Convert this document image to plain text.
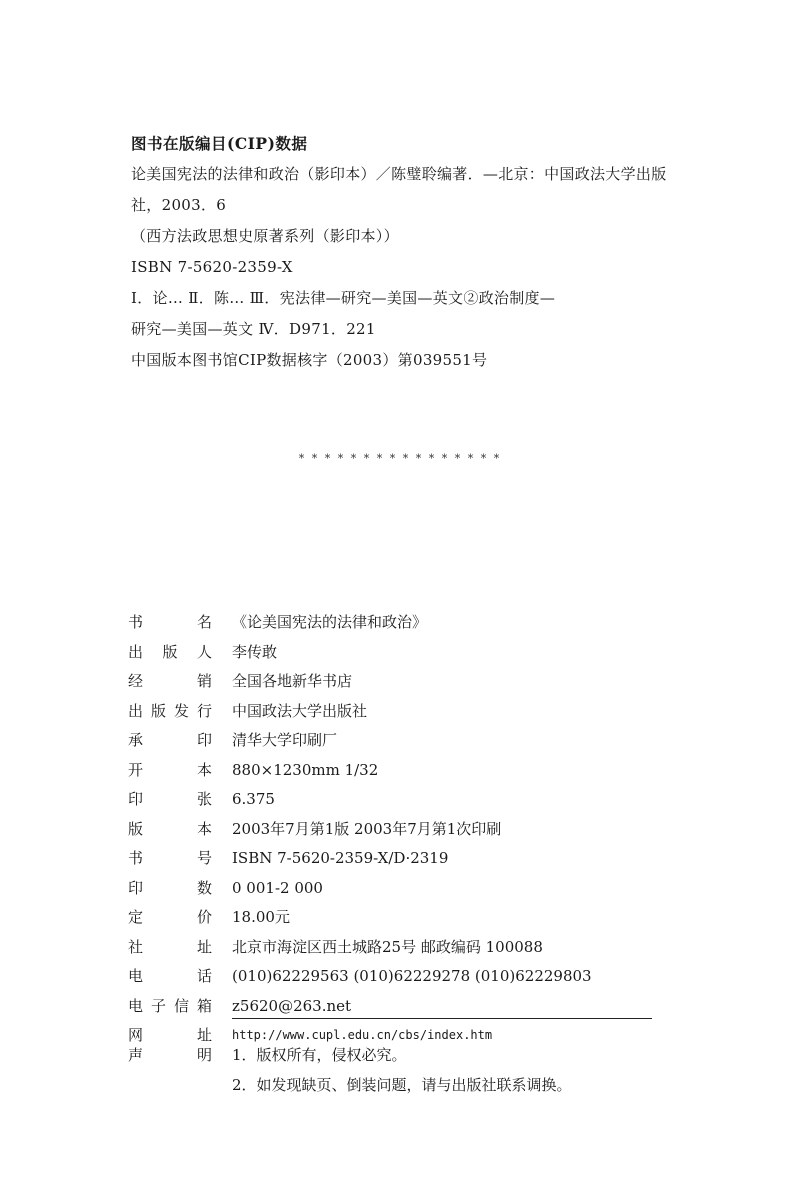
图书在版编目(CIP)数据
论美国宪法的法律和政治（影印本）／陈璧聆编著．—北京：中国政法大学出版
社，2003．6
（西方法政思想史原著系列（影印本））
ISBN 7-5620-2359-X
Ⅰ．论… Ⅱ．陈… Ⅲ．宪法律—研究—美国—英文②政治制度—
研究—美国—英文 Ⅳ．D971．221
中国版本图书馆CIP数据核字（2003）第039551号
* * * * * * * * * * * * * * * *
书	名 《论美国宪法的法律和政治》
出 版 人 李传敢
经	销 全国各地新华书店
出 版 发 行 中国政法大学出版社
承	印 清华大学印刷厂
开	本 880×1230mm 1/32
印	张 6.375
版	本 2003年7月第1版 2003年7月第1次印刷
书	号 ISBN 7-5620-2359-X/D·2319
印	数 0 001-2 000
定	价 18.00元
社	址 北京市海淀区西土城路25号 邮政编码 100088
电	话 (010)62229563 (010)62229278 (010)62229803
电 子 信 箱 z5620@263.net
网	址 http://www.cupl.edu.cn/cbs/index.htm
声	明 1．版权所有，侵权必究。
2．如发现缺页、倒装问题，请与出版社联系调换。
